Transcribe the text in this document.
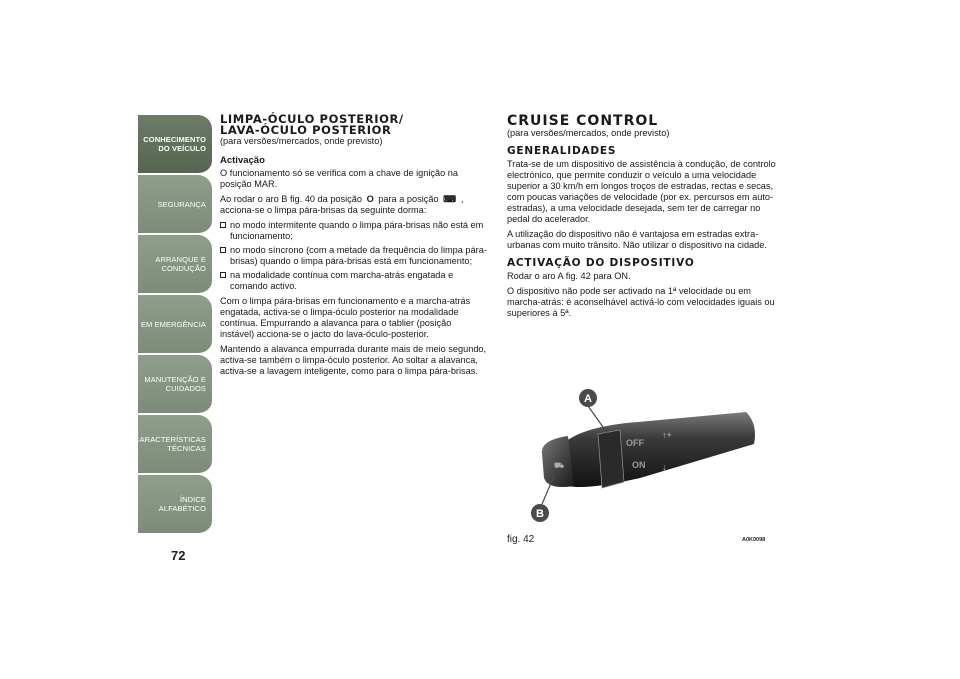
CONHECIMENTO DO VEÍCULO
SEGURANÇA
ARRANQUE E CONDUÇÃO
EM EMERGÊNCIA
MANUTENÇÃO E CUIDADOS
CARACTERÍSTICAS TÉCNICAS
ÍNDICE ALFABÉTICO
72
LIMPA-ÓCULO POSTERIOR/
LAVA-ÓCULO POSTERIOR

(para versões/mercados, onde previsto)

Activação

O funcionamento só se verifica com a chave de ignição na posição MAR.

Ao rodar o aro B fig. 40 da posição O para a posição ⌨ , acciona-se o limpa pára-brisas da seguinte dorma:

no modo intermitente quando o limpa pára-brisas não está em funcionamento;
no modo síncrono (com a metade da frequência do limpa pára-brisas) quando o limpa pára-brisas está em funcionamento;
na modalidade contínua com marcha-atrás engatada e comando activo.

Com o limpa pára-brisas em funcionamento e a marcha-atrás engatada, activa-se o limpa-óculo posterior na modalidade contínua. Empurrando a alavanca para o tablier (posição instável) acciona-se o jacto do lava-óculo-posterior.

Mantendo a alavanca empurrada durante mais de meio segundo, activa-se também o limpa-óculo posterior. Ao soltar a alavanca, activa-se a lavagem inteligente, como para o limpa pára-brisas.

CRUISE CONTROL

(para versões/mercados, onde previsto)

GENERALIDADES

Trata-se de um dispositivo de assistência à condução, de controlo electrónico, que permite conduzir o veículo a uma velocidade superior a 30 km/h em longos troços de estradas, rectas e secas, com poucas variações de velocidade (por ex. percursos em auto-estradas), a uma velocidade desejada, sem ter de carregar no pedal do acelerador.

A utilização do dispositivo não é vantajosa em estradas extra-urbanas com muito trânsito. Não utilizar o dispositivo na cidade.

ACTIVAÇÃO DO DISPOSITIVO

Rodar o aro A fig. 42 para ON.

O dispositivo não pode ser activado na 1ª velocidade ou em marcha-atrás: é aconselhável activá-lo com velocidades iguais ou superiores à 5ª.

⛟
OFF
ON
↑+
↓
A
B
fig. 42	A0K0098
